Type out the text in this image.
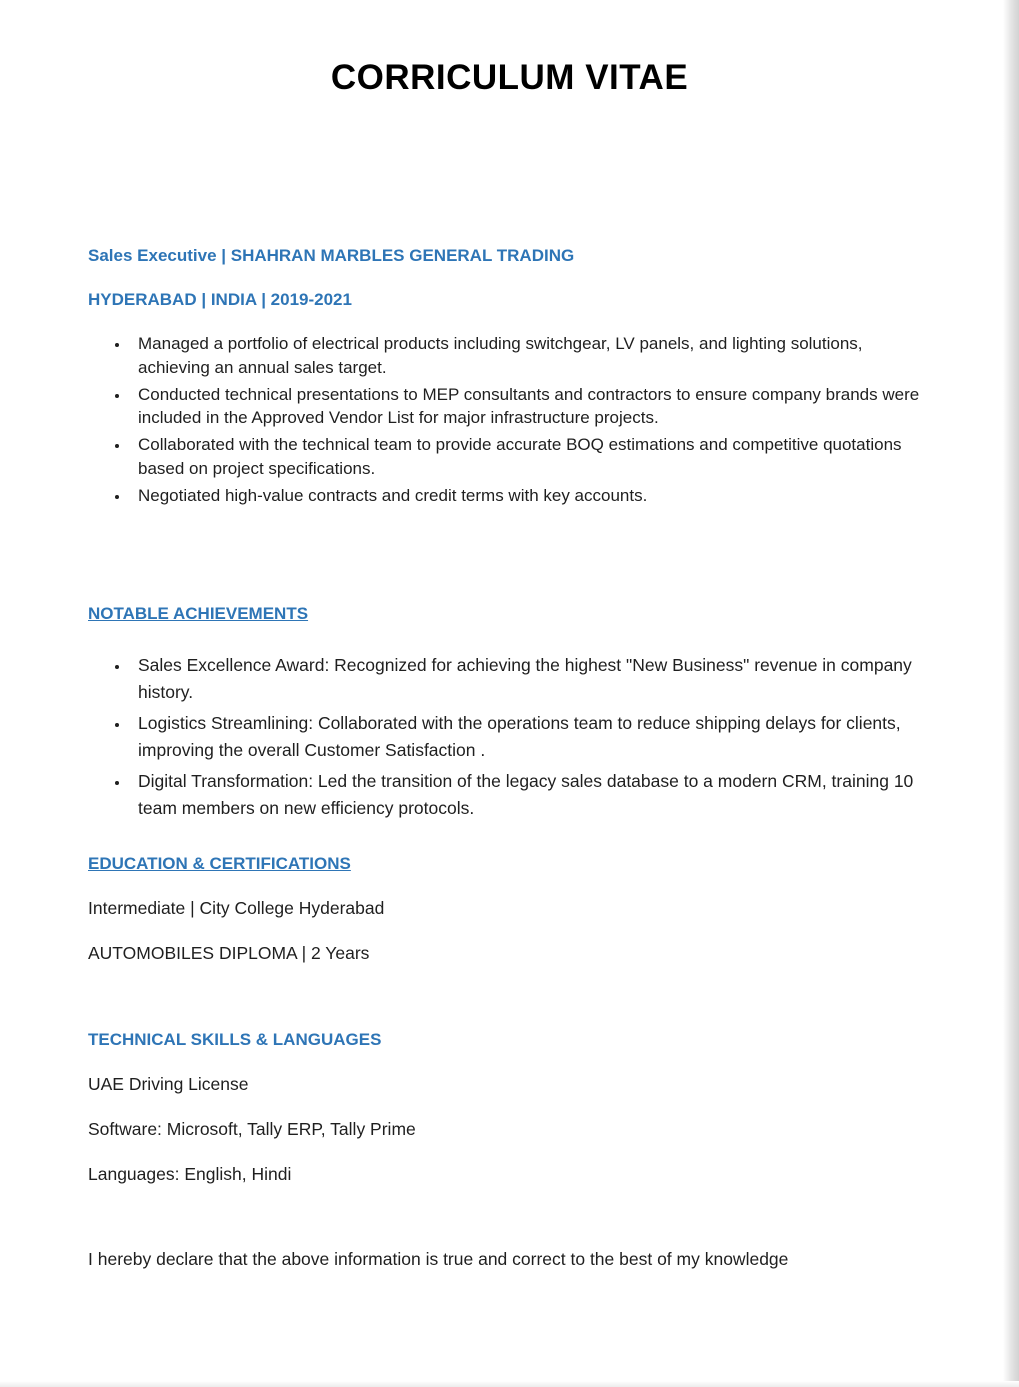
CORRICULUM VITAE

Sales Executive | SHAHRAN MARBLES GENERAL TRADING

HYDERABAD | INDIA | 2019-2021

• Managed a portfolio of electrical products including switchgear, LV panels, and lighting solutions, achieving an annual sales target.
• Conducted technical presentations to MEP consultants and contractors to ensure company brands were included in the Approved Vendor List for major infrastructure projects.
• Collaborated with the technical team to provide accurate BOQ estimations and competitive quotations based on project specifications.
• Negotiated high-value contracts and credit terms with key accounts.
NOTABLE ACHIEVEMENTS
• Sales Excellence Award: Recognized for achieving the highest "New Business" revenue in company history.
• Logistics Streamlining: Collaborated with the operations team to reduce shipping delays for clients, improving the overall Customer Satisfaction .
• Digital Transformation: Led the transition of the legacy sales database to a modern CRM, training 10 team members on new efficiency protocols.
EDUCATION & CERTIFICATIONS

Intermediate | City College Hyderabad

AUTOMOBILES DIPLOMA | 2 Years

TECHNICAL SKILLS & LANGUAGES

UAE Driving License

Software: Microsoft, Tally ERP, Tally Prime

Languages: English, Hindi

I hereby declare that the above information is true and correct to the best of my knowledge
